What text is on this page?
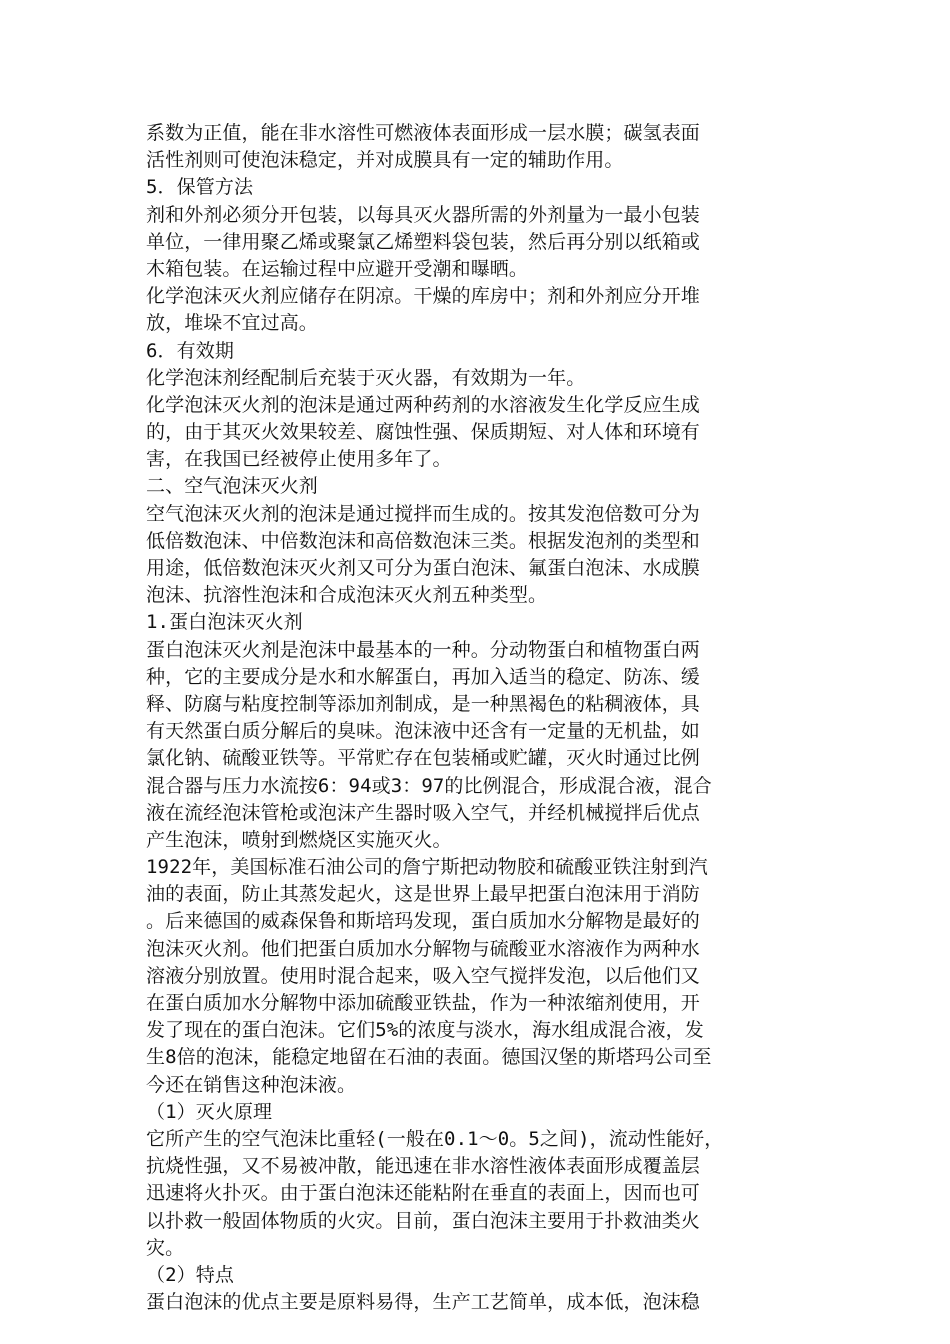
系数为正值，能在非水溶性可燃液体表面形成一层水膜；碳氢表面
活性剂则可使泡沫稳定，并对成膜具有一定的辅助作用。
5．保管方法
剂和外剂必须分开包装，以每具灭火器所需的外剂量为一最小包装
单位，一律用聚乙烯或聚氯乙烯塑料袋包装，然后再分别以纸箱或
木箱包装。在运输过程中应避开受潮和曝晒。
化学泡沫灭火剂应储存在阴凉。干燥的库房中；剂和外剂应分开堆
放，堆垛不宜过高。
6．有效期
化学泡沫剂经配制后充装于灭火器，有效期为一年。
化学泡沫灭火剂的泡沫是通过两种药剂的水溶液发生化学反应生成
的，由于其灭火效果较差、腐蚀性强、保质期短、对人体和环境有
害，在我国已经被停止使用多年了。
二、空气泡沫灭火剂
空气泡沫灭火剂的泡沫是通过搅拌而生成的。按其发泡倍数可分为
低倍数泡沫、中倍数泡沫和高倍数泡沫三类。根据发泡剂的类型和
用途，低倍数泡沫灭火剂又可分为蛋白泡沫、氟蛋白泡沫、水成膜
泡沫、抗溶性泡沫和合成泡沫灭火剂五种类型。
1.蛋白泡沫灭火剂
蛋白泡沫灭火剂是泡沫中最基本的一种。分动物蛋白和植物蛋白两
种，它的主要成分是水和水解蛋白，再加入适当的稳定、防冻、缓
释、防腐与粘度控制等添加剂制成，是一种黑褐色的粘稠液体，具
有天然蛋白质分解后的臭味。泡沫液中还含有一定量的无机盐，如
氯化钠、硫酸亚铁等。平常贮存在包装桶或贮罐，灭火时通过比例
混合器与压力水流按6：94或3：97的比例混合，形成混合液，混合
液在流经泡沫管枪或泡沫产生器时吸入空气，并经机械搅拌后优点
产生泡沫，喷射到燃烧区实施灭火。
1922年，美国标准石油公司的詹宁斯把动物胶和硫酸亚铁注射到汽
油的表面，防止其蒸发起火，这是世界上最早把蛋白泡沫用于消防
。后来德国的威森保鲁和斯培玛发现，蛋白质加水分解物是最好的
泡沫灭火剂。他们把蛋白质加水分解物与硫酸亚水溶液作为两种水
溶液分别放置。使用时混合起来，吸入空气搅拌发泡，以后他们又
在蛋白质加水分解物中添加硫酸亚铁盐，作为一种浓缩剂使用，开
发了现在的蛋白泡沫。它们5%的浓度与淡水，海水组成混合液，发
生8倍的泡沫，能稳定地留在石油的表面。德国汉堡的斯塔玛公司至
今还在销售这种泡沫液。
（1）灭火原理
它所产生的空气泡沫比重轻(一般在0.1～0。5之间)，流动性能好，
抗烧性强，又不易被冲散，能迅速在非水溶性液体表面形成覆盖层
迅速将火扑灭。由于蛋白泡沫还能粘附在垂直的表面上，因而也可
以扑救一般固体物质的火灾。目前，蛋白泡沫主要用于扑救油类火
灾。
（2）特点
蛋白泡沫的优点主要是原料易得，生产工艺简单，成本低，泡沫稳
